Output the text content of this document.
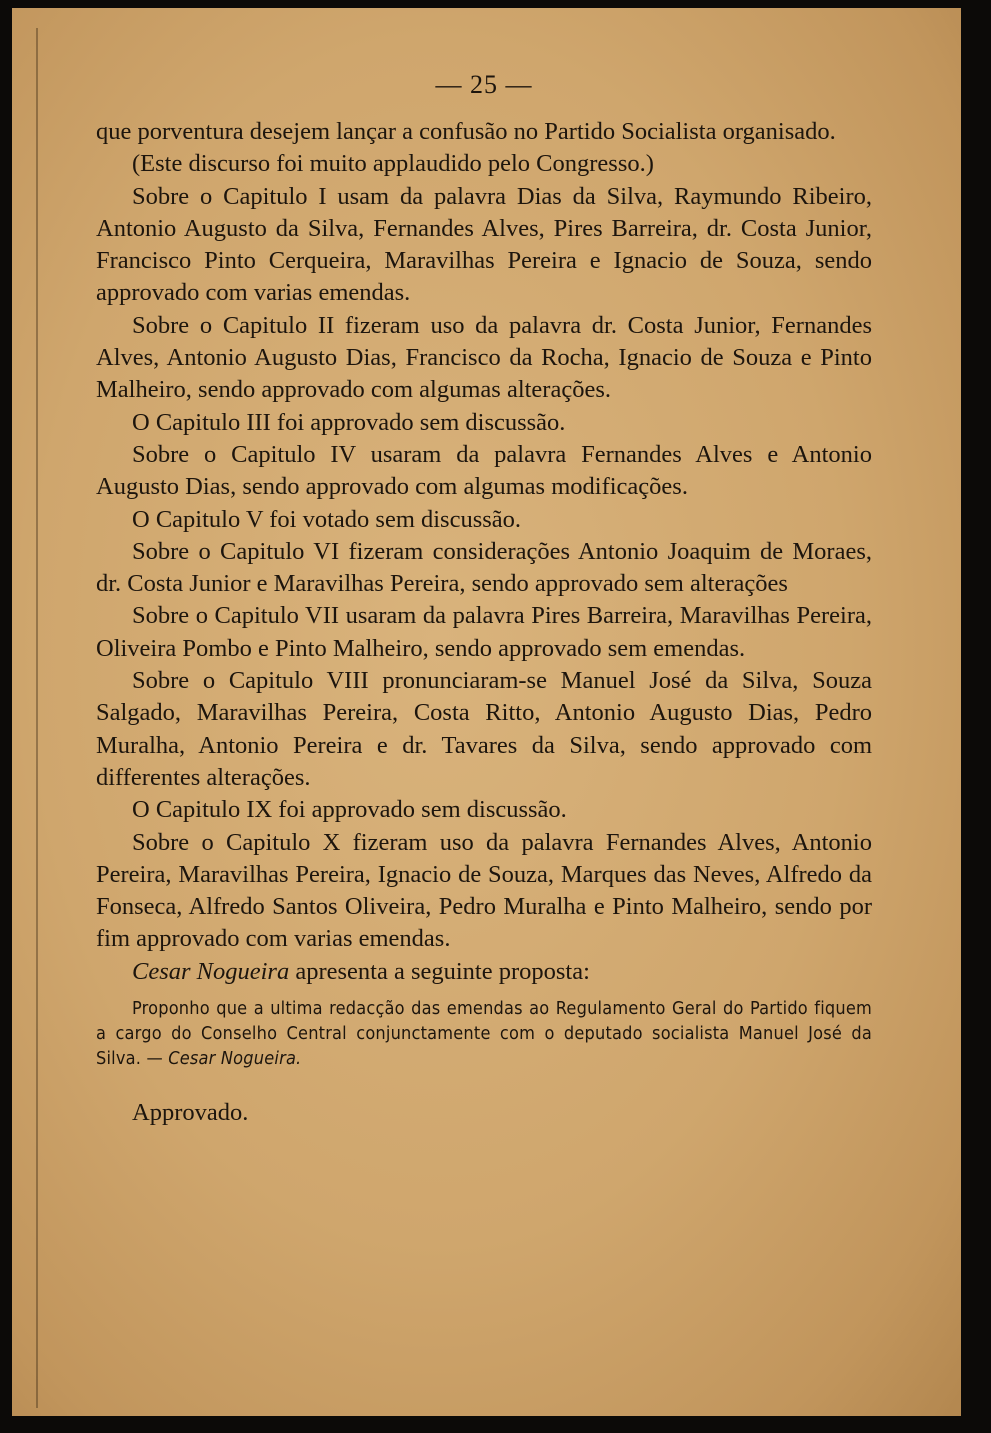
— 25 —

que porventura desejem lançar a confusão no Partido Socialista organisado.

(Este discurso foi muito applaudido pelo Congresso.)

Sobre o Capitulo I usam da palavra Dias da Silva, Raymundo Ribeiro, Antonio Augusto da Silva, Fernandes Alves, Pires Barreira, dr. Costa Junior, Francisco Pinto Cerqueira, Maravilhas Pereira e Ignacio de Souza, sendo approvado com varias emendas.

Sobre o Capitulo II fizeram uso da palavra dr. Costa Junior, Fernandes Alves, Antonio Augusto Dias, Francisco da Rocha, Ignacio de Souza e Pinto Malheiro, sendo approvado com algumas alterações.

O Capitulo III foi approvado sem discussão.

Sobre o Capitulo IV usaram da palavra Fernandes Alves e Antonio Augusto Dias, sendo approvado com algumas modificações.

O Capitulo V foi votado sem discussão.

Sobre o Capitulo VI fizeram considerações Antonio Joaquim de Moraes, dr. Costa Junior e Maravilhas Pereira, sendo approvado sem alterações

Sobre o Capitulo VII usaram da palavra Pires Barreira, Maravilhas Pereira, Oliveira Pombo e Pinto Malheiro, sendo approvado sem emendas.

Sobre o Capitulo VIII pronunciaram-se Manuel José da Silva, Souza Salgado, Maravilhas Pereira, Costa Ritto, Antonio Augusto Dias, Pedro Muralha, Antonio Pereira e dr. Tavares da Silva, sendo approvado com differentes alterações.

O Capitulo IX foi approvado sem discussão.

Sobre o Capitulo X fizeram uso da palavra Fernandes Alves, Antonio Pereira, Maravilhas Pereira, Ignacio de Souza, Marques das Neves, Alfredo da Fonseca, Alfredo Santos Oliveira, Pedro Muralha e Pinto Malheiro, sendo por fim approvado com varias emendas.

Cesar Nogueira apresenta a seguinte proposta:

Proponho que a ultima redacção das emendas ao Regulamento Geral do Partido fiquem a cargo do Conselho Central conjunctamente com o deputado socialista Manuel José da Silva. — Cesar Nogueira.

Approvado.
